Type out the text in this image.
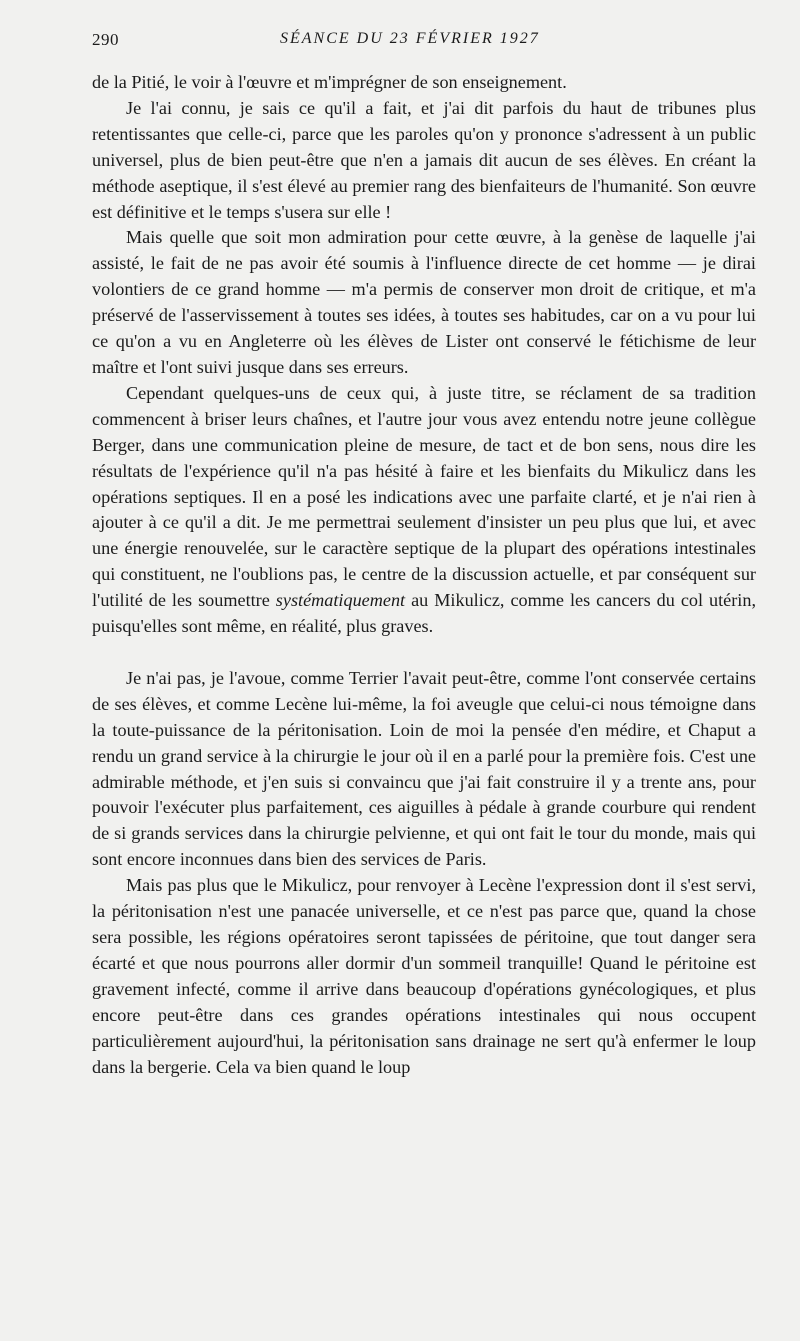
290	SÉANCE DU 23 FÉVRIER 1927

de la Pitié, le voir à l'œuvre et m'imprégner de son enseignement.

Je l'ai connu, je sais ce qu'il a fait, et j'ai dit parfois du haut de tribunes plus retentissantes que celle-ci, parce que les paroles qu'on y prononce s'adressent à un public universel, plus de bien peut-être que n'en a jamais dit aucun de ses élèves. En créant la méthode aseptique, il s'est élevé au premier rang des bienfaiteurs de l'humanité. Son œuvre est définitive et le temps s'usera sur elle !

Mais quelle que soit mon admiration pour cette œuvre, à la genèse de laquelle j'ai assisté, le fait de ne pas avoir été soumis à l'influence directe de cet homme — je dirai volontiers de ce grand homme — m'a permis de conserver mon droit de critique, et m'a préservé de l'asservissement à toutes ses idées, à toutes ses habitudes, car on a vu pour lui ce qu'on a vu en Angleterre où les élèves de Lister ont conservé le fétichisme de leur maître et l'ont suivi jusque dans ses erreurs.

Cependant quelques-uns de ceux qui, à juste titre, se réclament de sa tradition commencent à briser leurs chaînes, et l'autre jour vous avez entendu notre jeune collègue Berger, dans une communication pleine de mesure, de tact et de bon sens, nous dire les résultats de l'expérience qu'il n'a pas hésité à faire et les bienfaits du Mikulicz dans les opérations septiques. Il en a posé les indications avec une parfaite clarté, et je n'ai rien à ajouter à ce qu'il a dit. Je me permettrai seulement d'insister un peu plus que lui, et avec une énergie renouvelée, sur le caractère septique de la plupart des opérations intestinales qui constituent, ne l'oublions pas, le centre de la discussion actuelle, et par conséquent sur l'utilité de les soumettre systématiquement au Mikulicz, comme les cancers du col utérin, puisqu'elles sont même, en réalité, plus graves.

Je n'ai pas, je l'avoue, comme Terrier l'avait peut-être, comme l'ont conservée certains de ses élèves, et comme Lecène lui-même, la foi aveugle que celui-ci nous témoigne dans la toute-puissance de la péritonisation. Loin de moi la pensée d'en médire, et Chaput a rendu un grand service à la chirurgie le jour où il en a parlé pour la première fois. C'est une admirable méthode, et j'en suis si convaincu que j'ai fait construire il y a trente ans, pour pouvoir l'exécuter plus parfaitement, ces aiguilles à pédale à grande courbure qui rendent de si grands services dans la chirurgie pelvienne, et qui ont fait le tour du monde, mais qui sont encore inconnues dans bien des services de Paris.

Mais pas plus que le Mikulicz, pour renvoyer à Lecène l'expression dont il s'est servi, la péritonisation n'est une panacée universelle, et ce n'est pas parce que, quand la chose sera possible, les régions opératoires seront tapissées de péritoine, que tout danger sera écarté et que nous pourrons aller dormir d'un sommeil tranquille! Quand le péritoine est gravement infecté, comme il arrive dans beaucoup d'opérations gynécologiques, et plus encore peut-être dans ces grandes opérations intestinales qui nous occupent particulièrement aujourd'hui, la péritonisation sans drainage ne sert qu'à enfermer le loup dans la bergerie. Cela va bien quand le loup
